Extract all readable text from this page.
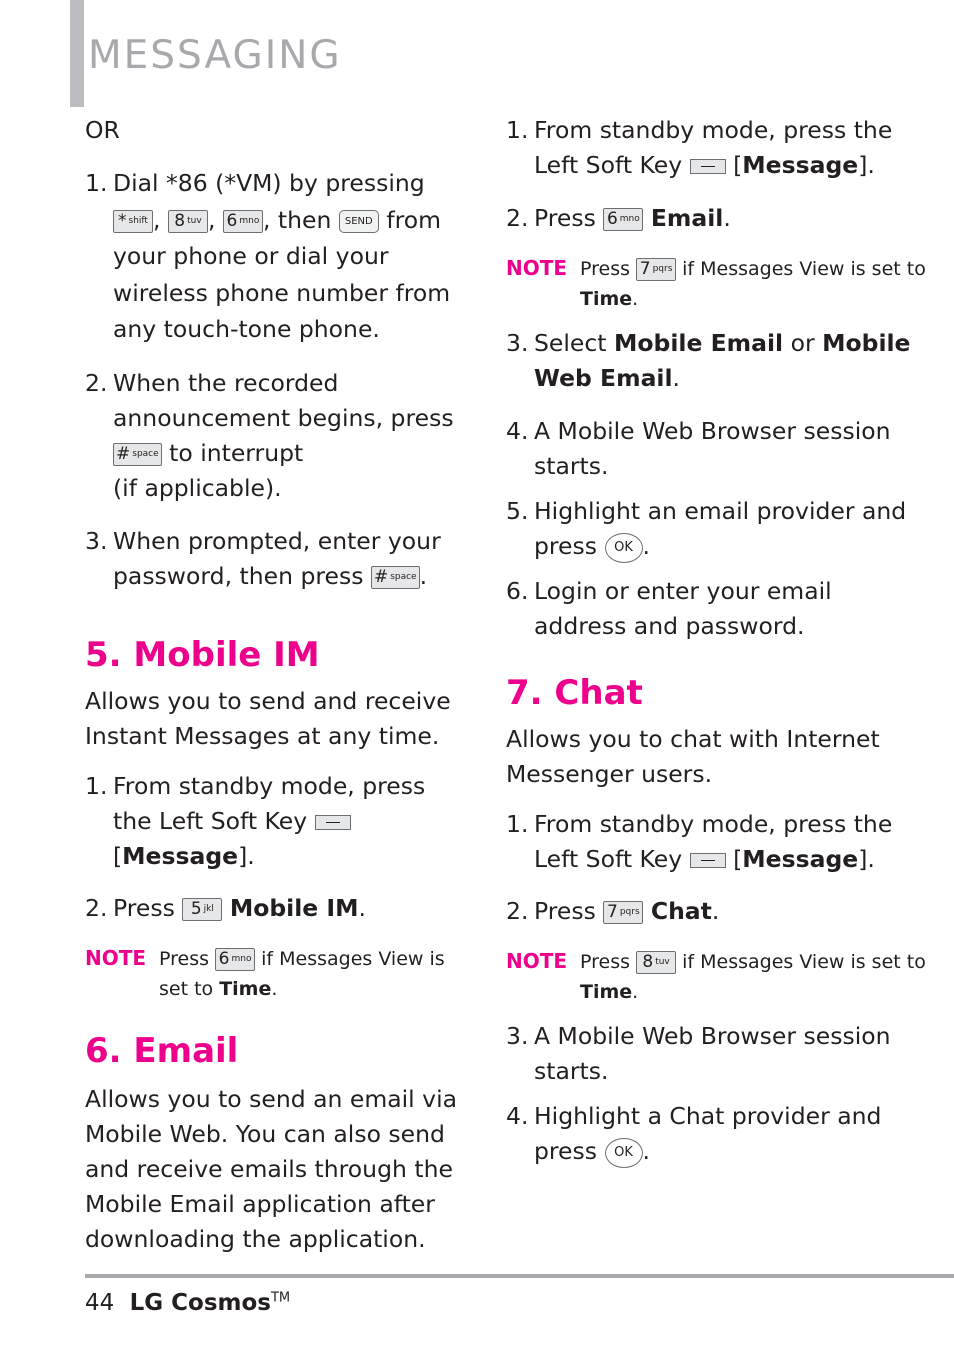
MESSAGING

OR

1. Dial *86 (*VM) by pressing

* shift , 8 tuv , 6 mno , then SEND from your phone or dial your wireless phone number from any touch-tone phone.
2. When the recorded announcement begins, press

# space to interrupt
(if applicable).
3. When prompted, enter your password, then press # space .
5. Mobile IM

Allows you to send and receive Instant Messages at any time.

1. From standby mode, press the Left Soft Key  [Message].
2. Press 5 jkl Mobile IM.
NOTE Press 6 mno if Messages View is set to Time.
6. Email

Allows you to send an email via Mobile Web. You can also send and receive emails through the Mobile Email application after downloading the application.

1. From standby mode, press the Left Soft Key [Message].
2. Press 6 mno Email.
NOTE Press 7 pqrs if Messages View is set to Time.
3. Select Mobile Email or Mobile Web Email.
4. A Mobile Web Browser session starts.
5. Highlight an email provider and press OK .
6. Login or enter your email address and password.
7. Chat

Allows you to chat with Internet Messenger users.

1. From standby mode, press the Left Soft Key [Message].
2. Press 7 pqrs Chat.
NOTE Press 8 tuv if Messages View is set to Time.
3. A Mobile Web Browser session starts.
4. Highlight a Chat provider and press OK .
44 LG Cosmos™
